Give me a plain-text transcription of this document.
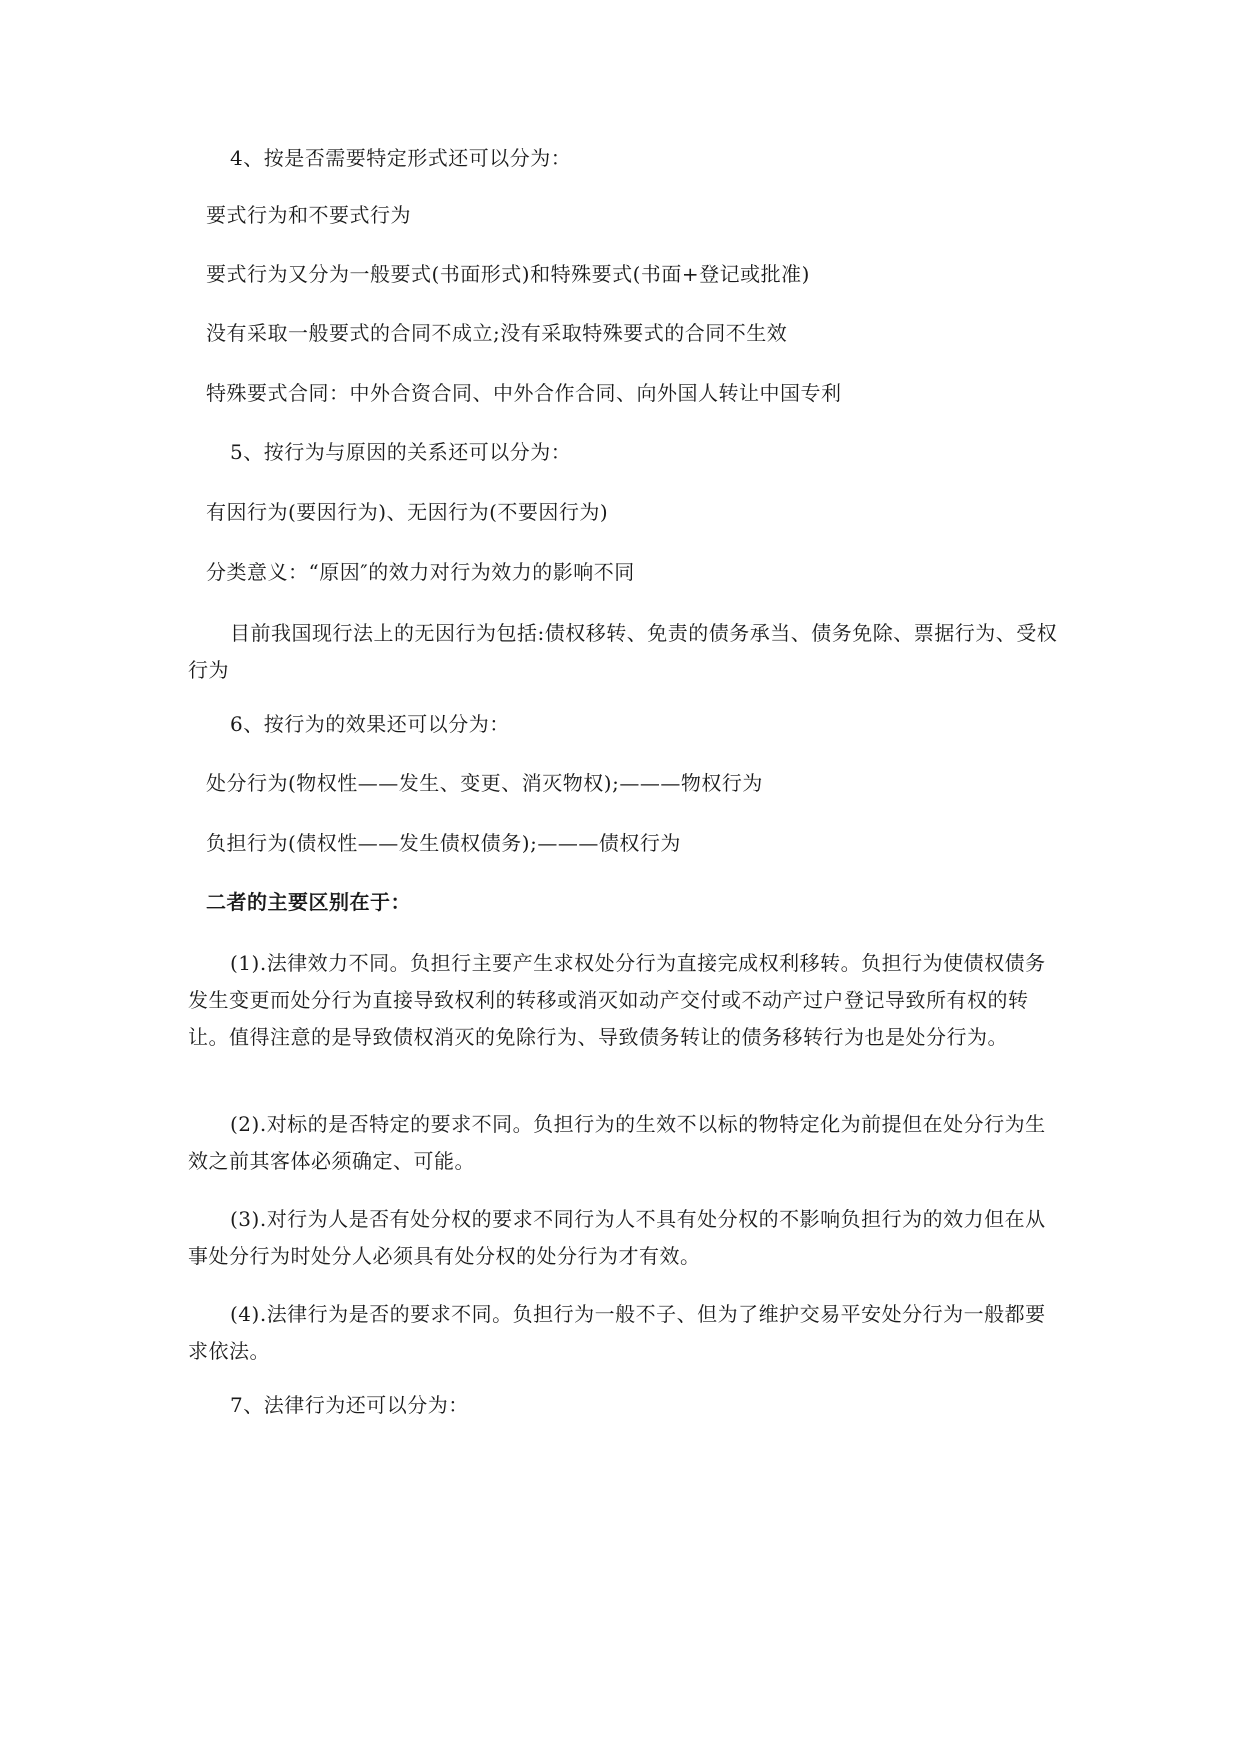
4、按是否需要特定形式还可以分为：
要式行为和不要式行为
要式行为又分为一般要式(书面形式)和特殊要式(书面+登记或批准)
没有采取一般要式的合同不成立;没有采取特殊要式的合同不生效
特殊要式合同：中外合资合同、中外合作合同、向外国人转让中国专利
5、按行为与原因的关系还可以分为：
有因行为(要因行为)、无因行为(不要因行为)
分类意义：“原因″的效力对行为效力的影响不同
目前我国现行法上的无因行为包括:债权移转、免责的债务承当、债务免除、票据行为、受权行为
6、按行为的效果还可以分为：
处分行为(物权性——发生、变更、消灭物权);———物权行为
负担行为(债权性——发生债权债务);———债权行为
二者的主要区别在于：
(1).法律效力不同。负担行主要产生求权处分行为直接完成权利移转。负担行为使债权债务发生变更而处分行为直接导致权利的转移或消灭如动产交付或不动产过户登记导致所有权的转让。值得注意的是导致债权消灭的免除行为、导致债务转让的债务移转行为也是处分行为。
(2).对标的是否特定的要求不同。负担行为的生效不以标的物特定化为前提但在处分行为生效之前其客体必须确定、可能。
(3).对行为人是否有处分权的要求不同行为人不具有处分权的不影响负担行为的效力但在从事处分行为时处分人必须具有处分权的处分行为才有效。
(4).法律行为是否的要求不同。负担行为一般不子、但为了维护交易平安处分行为一般都要求依法。
7、法律行为还可以分为：
